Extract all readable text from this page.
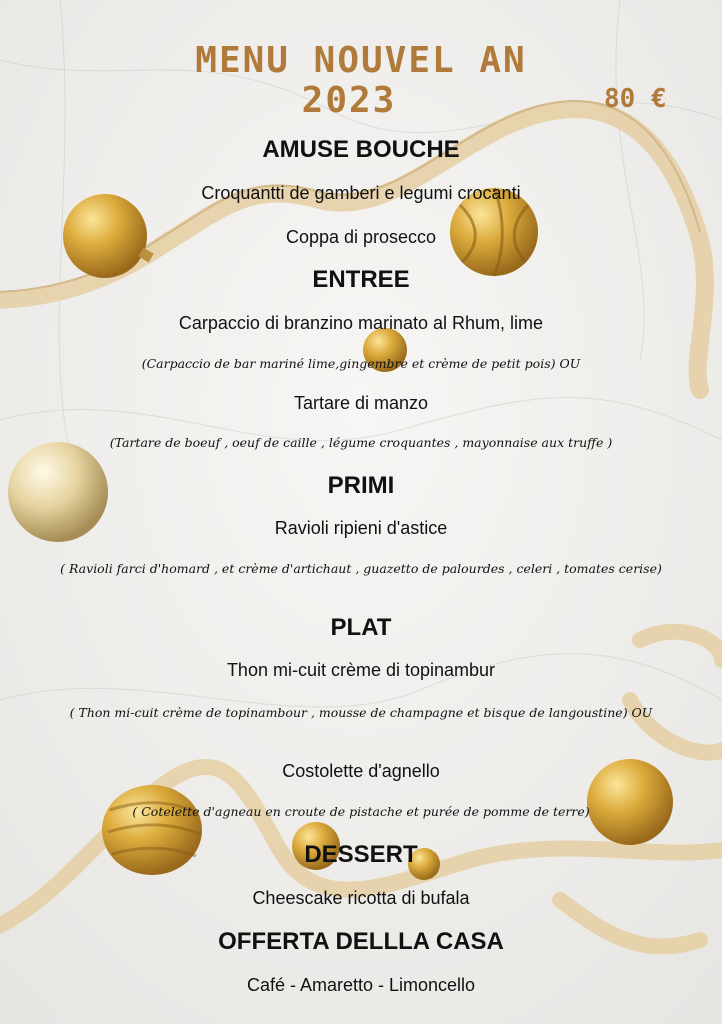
MENU NOUVEL AN
2023	80 €

AMUSE BOUCHE

Croquantti de gamberi e legumi crocanti

Coppa di prosecco

ENTREE

Carpaccio di branzino marinato al Rhum, lime

(Carpaccio de bar mariné lime,gingembre et crème de petit pois) OU

Tartare di manzo

(Tartare de boeuf , oeuf de caille , légume croquantes , mayonnaise aux truffe )

PRIMI

Ravioli ripieni d'astice

( Ravioli farci d'homard , et crème d'artichaut , guazetto de palourdes , celeri , tomates cerise)

PLAT

Thon mi-cuit crème di topinambur

( Thon mi-cuit crème de topinambour , mousse de champagne et bisque de langoustine) OU

Costolette d'agnello

( Cotelette d'agneau en croute de pistache et purée de pomme de terre)

DESSERT

Cheescake ricotta di bufala

OFFERTA DELLLA CASA

Café - Amaretto - Limoncello
